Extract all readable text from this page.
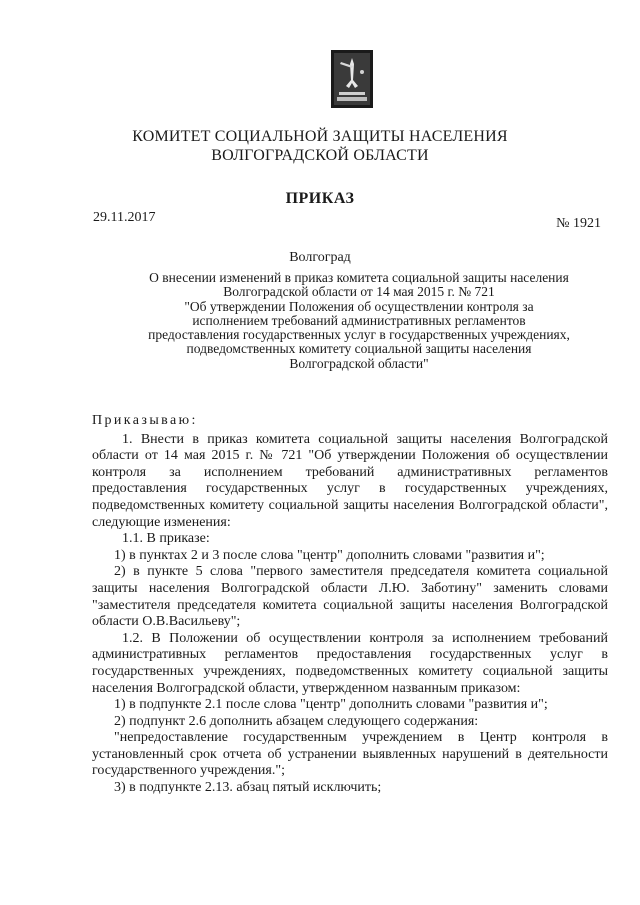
КОМИТЕТ СОЦИАЛЬНОЙ ЗАЩИТЫ НАСЕЛЕНИЯ
ВОЛГОГРАДСКОЙ ОБЛАСТИ
ПРИКАЗ
29.11.2017	№ 1921
Волгоград
О внесении изменений в приказ комитета социальной защиты населения
Волгоградской области от 14 мая 2015 г. № 721
"Об утверждении Положения об осуществлении контроля за
исполнением требований административных регламентов
предоставления государственных услуг в государственных учреждениях,
подведомственных комитету социальной защиты населения
Волгоградской области"

Приказываю:

1. Внести в приказ комитета социальной защиты населения Волгоградской области от 14 мая 2015 г. № 721 "Об утверждении Положения об осуществлении контроля за исполнением требований административных регламентов предоставления государственных услуг в государственных учреждениях, подведомственных комитету социальной защиты населения Волгоградской области", следующие изменения:

1.1. В приказе:

1) в пунктах 2 и 3 после слова "центр" дополнить словами "развития и";

2) в пункте 5 слова "первого заместителя председателя комитета социальной защиты населения Волгоградской области Л.Ю. Заботину" заменить словами "заместителя председателя комитета социальной защиты населения Волгоградской области О.В.Васильеву";

1.2. В Положении об осуществлении контроля за исполнением требований административных регламентов предоставления государственных услуг в государственных учреждениях, подведомственных комитету социальной защиты населения Волгоградской области, утвержденном названным приказом:

1) в подпункте 2.1 после слова "центр" дополнить словами "развития и";

2) подпункт 2.6 дополнить абзацем следующего содержания:

"непредоставление государственным учреждением в Центр контроля в установленный срок отчета об устранении выявленных нарушений в деятельности государственного учреждения.";

3) в подпункте 2.13. абзац пятый исключить;
